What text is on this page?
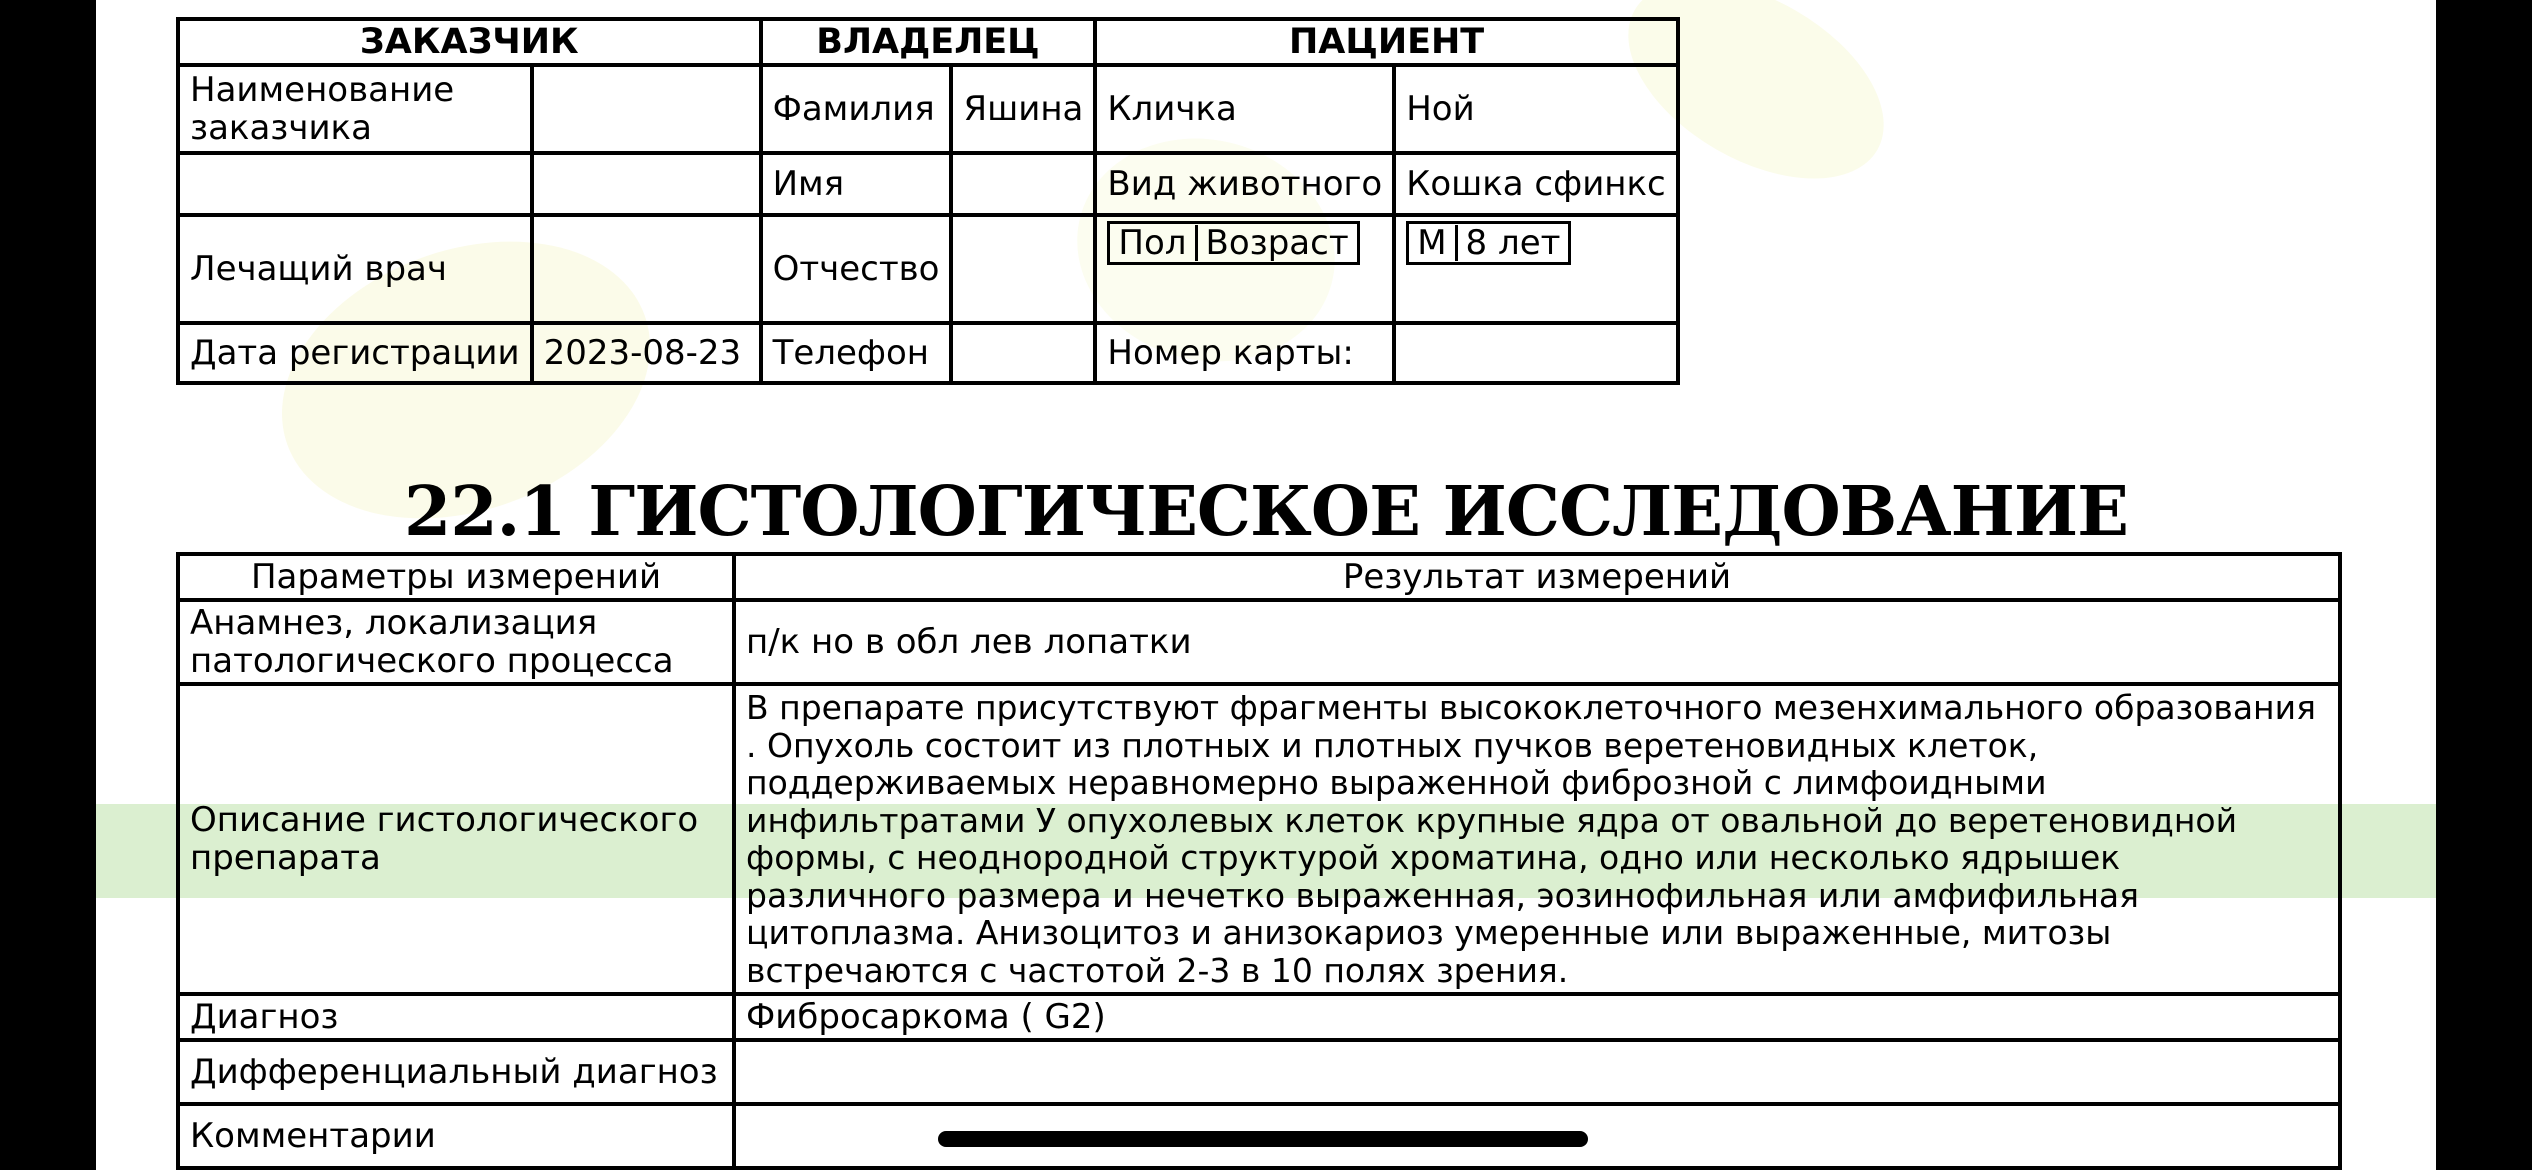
ЗАКАЗЧИК		ВЛАДЕЛЕЦ		ПАЦИЕНТ	
Наименование заказчика		Фамилия	Яшина	Кличка	Ной
		Имя		Вид животного	Кошка сфинкс
Лечащий врач		Отчество		Пол Возраст	М 8 лет
Дата регистрации	2023-08-23	Телефон		Номер карты:	
22.1 ГИСТОЛОГИЧЕСКОЕ ИССЛЕДОВАНИЕ
Параметры измерений	Результат измерений
Анамнез, локализация патологического процесса	п/к но в обл лев лопатки
Описание гистологического препарата	В препарате присутствуют фрагменты высококлеточного мезенхимального образования . Опухоль состоит из плотных и плотных пучков веретеновидных клеток, поддерживаемых неравномерно выраженной фиброзной с лимфоидными инфильтратами У опухолевых клеток крупные ядра от овальной до веретеновидной формы, с неоднородной структурой хроматина, одно или несколько ядрышек различного размера и нечетко выраженная, эозинофильная или амфифильная цитоплазма. Анизоцитоз и анизокариоз умеренные или выраженные, митозы встречаются с частотой 2-3 в 10 полях зрения.
Диагноз	Фибросаркома ( G2)
Дифференциальный диагноз	
Комментарии	
